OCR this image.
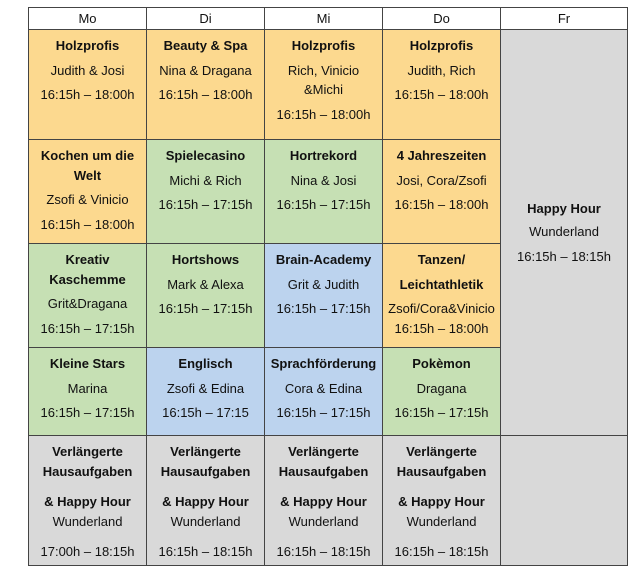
Mo	Di	Mi	Do	Fr

Holzprofis
Judith & Josi
16:15h – 18:00h	Beauty & Spa
Nina & Dragana
16:15h – 18:00h	Holzprofis
Rich, Vinicio
&Michi
16:15h – 18:00h	Holzprofis
Judith, Rich
16:15h – 18:00h	Happy Hour
Wunderland
16:15h – 18:15h

Kochen um die
Welt
Zsofi & Vinicio
16:15h – 18:00h	Spielecasino
Michi & Rich
16:15h – 17:15h	Hortrekord
Nina & Josi
16:15h – 17:15h	4 Jahreszeiten
Josi, Cora/Zsofi
16:15h – 18:00h	

Kreativ
Kaschemme
Grit&Dragana
16:15h – 17:15h	Hortshows
Mark & Alexa
16:15h – 17:15h	Brain-Academy
Grit & Judith
16:15h – 17:15h	Tanzen/
Leichtathletik
Zsofi/Cora&Vinicio
16:15h – 18:00h	

Kleine Stars
Marina
16:15h – 17:15h	Englisch
Zsofi & Edina
16:15h – 17:15	Sprachförderung
Cora & Edina
16:15h – 17:15h	Pokèmon
Dragana
16:15h – 17:15h	

Verlängerte
Hausaufgaben
& Happy Hour
Wunderland
17:00h – 18:15h	Verlängerte
Hausaufgaben
& Happy Hour
Wunderland
16:15h – 18:15h	Verlängerte
Hausaufgaben
& Happy Hour
Wunderland
16:15h – 18:15h	Verlängerte
Hausaufgaben
& Happy Hour
Wunderland
16:15h – 18:15h	
